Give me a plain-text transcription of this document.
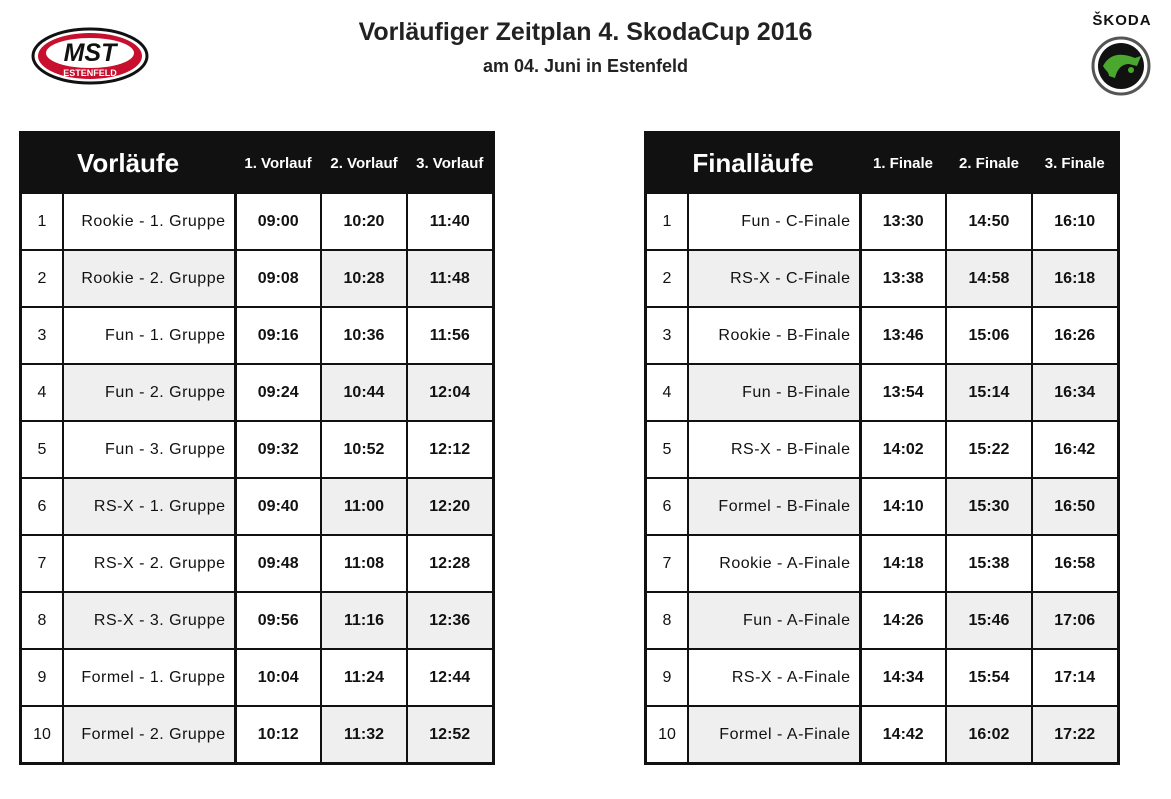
MST
ESTENFELD
Vorläufiger Zeitplan 4. SkodaCup 2016
am 04. Juni in Estenfeld
ŠKODA
Vorläufe		1. Vorlauf	2. Vorlauf	3. Vorlauf
1	Rookie - 1. Gruppe	09:00	10:20	11:40
2	Rookie - 2. Gruppe	09:08	10:28	11:48
3	Fun - 1. Gruppe	09:16	10:36	11:56
4	Fun - 2. Gruppe	09:24	10:44	12:04
5	Fun - 3. Gruppe	09:32	10:52	12:12
6	RS-X - 1. Gruppe	09:40	11:00	12:20
7	RS-X - 2. Gruppe	09:48	11:08	12:28
8	RS-X - 3. Gruppe	09:56	11:16	12:36
9	Formel - 1. Gruppe	10:04	11:24	12:44
10	Formel - 2. Gruppe	10:12	11:32	12:52
Finalläufe		1. Finale	2. Finale	3. Finale
1	Fun - C-Finale	13:30	14:50	16:10
2	RS-X - C-Finale	13:38	14:58	16:18
3	Rookie - B-Finale	13:46	15:06	16:26
4	Fun - B-Finale	13:54	15:14	16:34
5	RS-X - B-Finale	14:02	15:22	16:42
6	Formel - B-Finale	14:10	15:30	16:50
7	Rookie - A-Finale	14:18	15:38	16:58
8	Fun - A-Finale	14:26	15:46	17:06
9	RS-X - A-Finale	14:34	15:54	17:14
10	Formel - A-Finale	14:42	16:02	17:22
